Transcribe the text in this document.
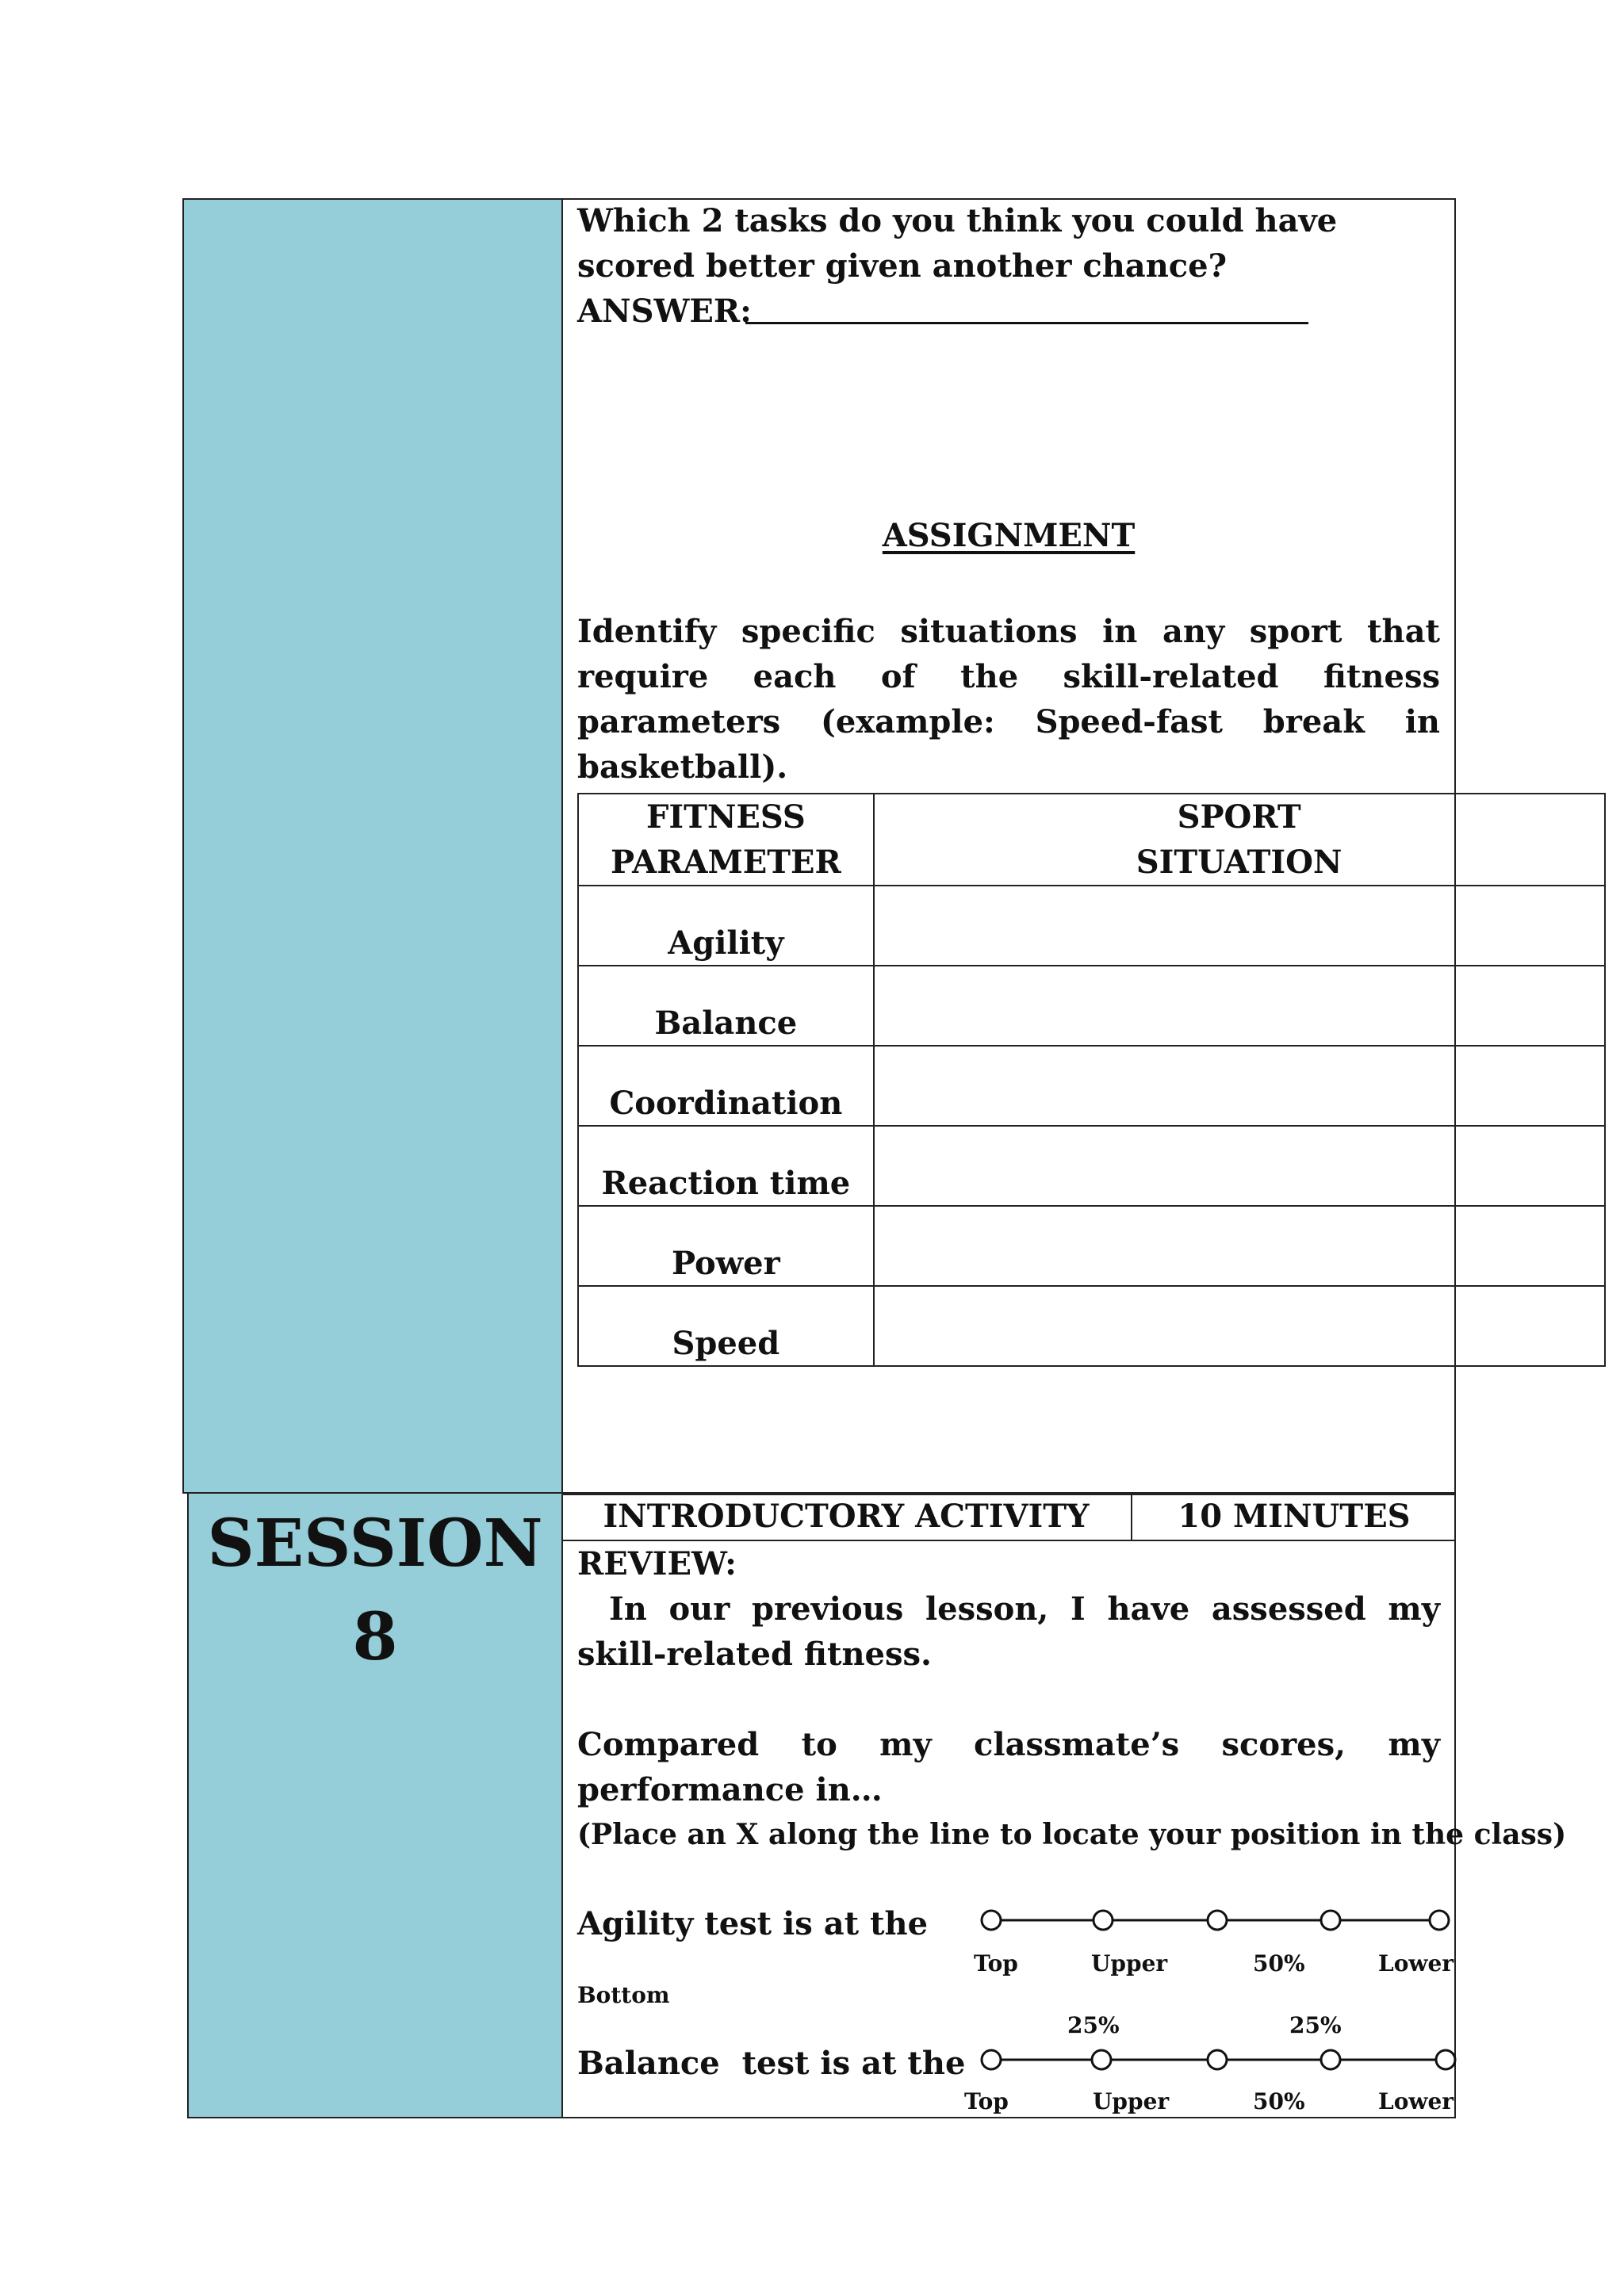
SESSION
8
Which 2 tasks do you think you could have scored better given another chance?
ANSWER:
ASSIGNMENT
Identify specific situations in any sport that require each of the skill-related fitness parameters (example: Speed-fast break in basketball).
FITNESS PARAMETER	SPORT SITUATION
Agility	
Balance	
Coordination	
Reaction time	
Power	
Speed	
INTRODUCTORY ACTIVITY	10 MINUTES
REVIEW:
In our previous lesson, I have assessed my skill-related fitness.
Compared to my classmate’s scores, my performance in…
(Place an X along the line to locate your position in the class)
Agility test is at the
Top	Upper	50%	Lower
Bottom
25%	25%
Balance  test is at the
Top	Upper	50%	Lower
